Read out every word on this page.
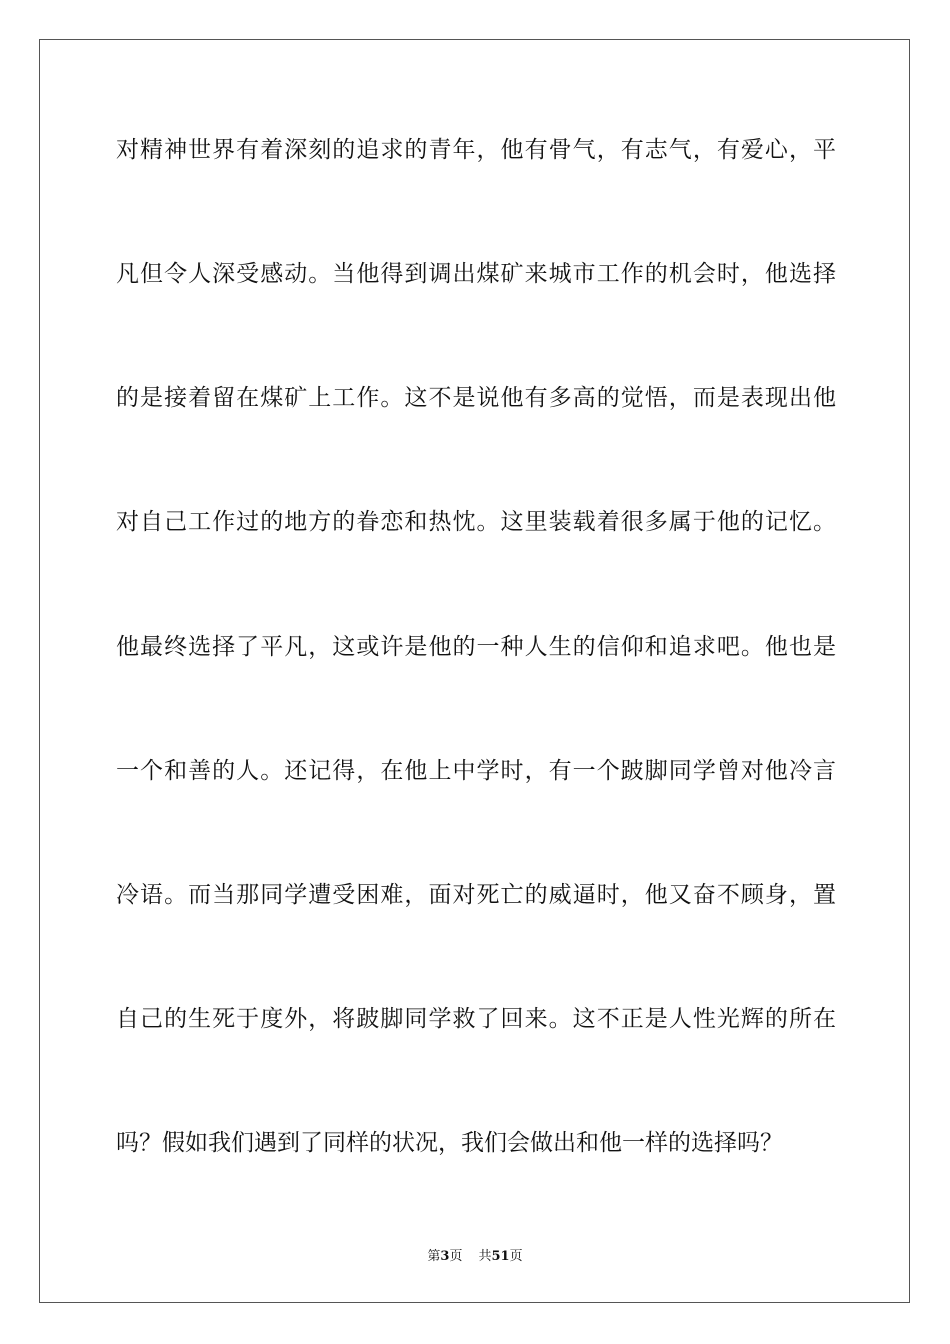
对精神世界有着深刻的追求的青年，他有骨气，有志气，有爱心，平
凡但令人深受感动。当他得到调出煤矿来城市工作的机会时，他选择
的是接着留在煤矿上工作。这不是说他有多高的觉悟，而是表现出他
对自己工作过的地方的眷恋和热忱。这里装载着很多属于他的记忆。
他最终选择了平凡，这或许是他的一种人生的信仰和追求吧。他也是
一个和善的人。还记得，在他上中学时，有一个跛脚同学曾对他冷言
冷语。而当那同学遭受困难，面对死亡的威逼时，他又奋不顾身，置
自己的生死于度外，将跛脚同学救了回来。这不正是人性光辉的所在
吗？假如我们遇到了同样的状况，我们会做出和他一样的选择吗？
第3页 共51页
